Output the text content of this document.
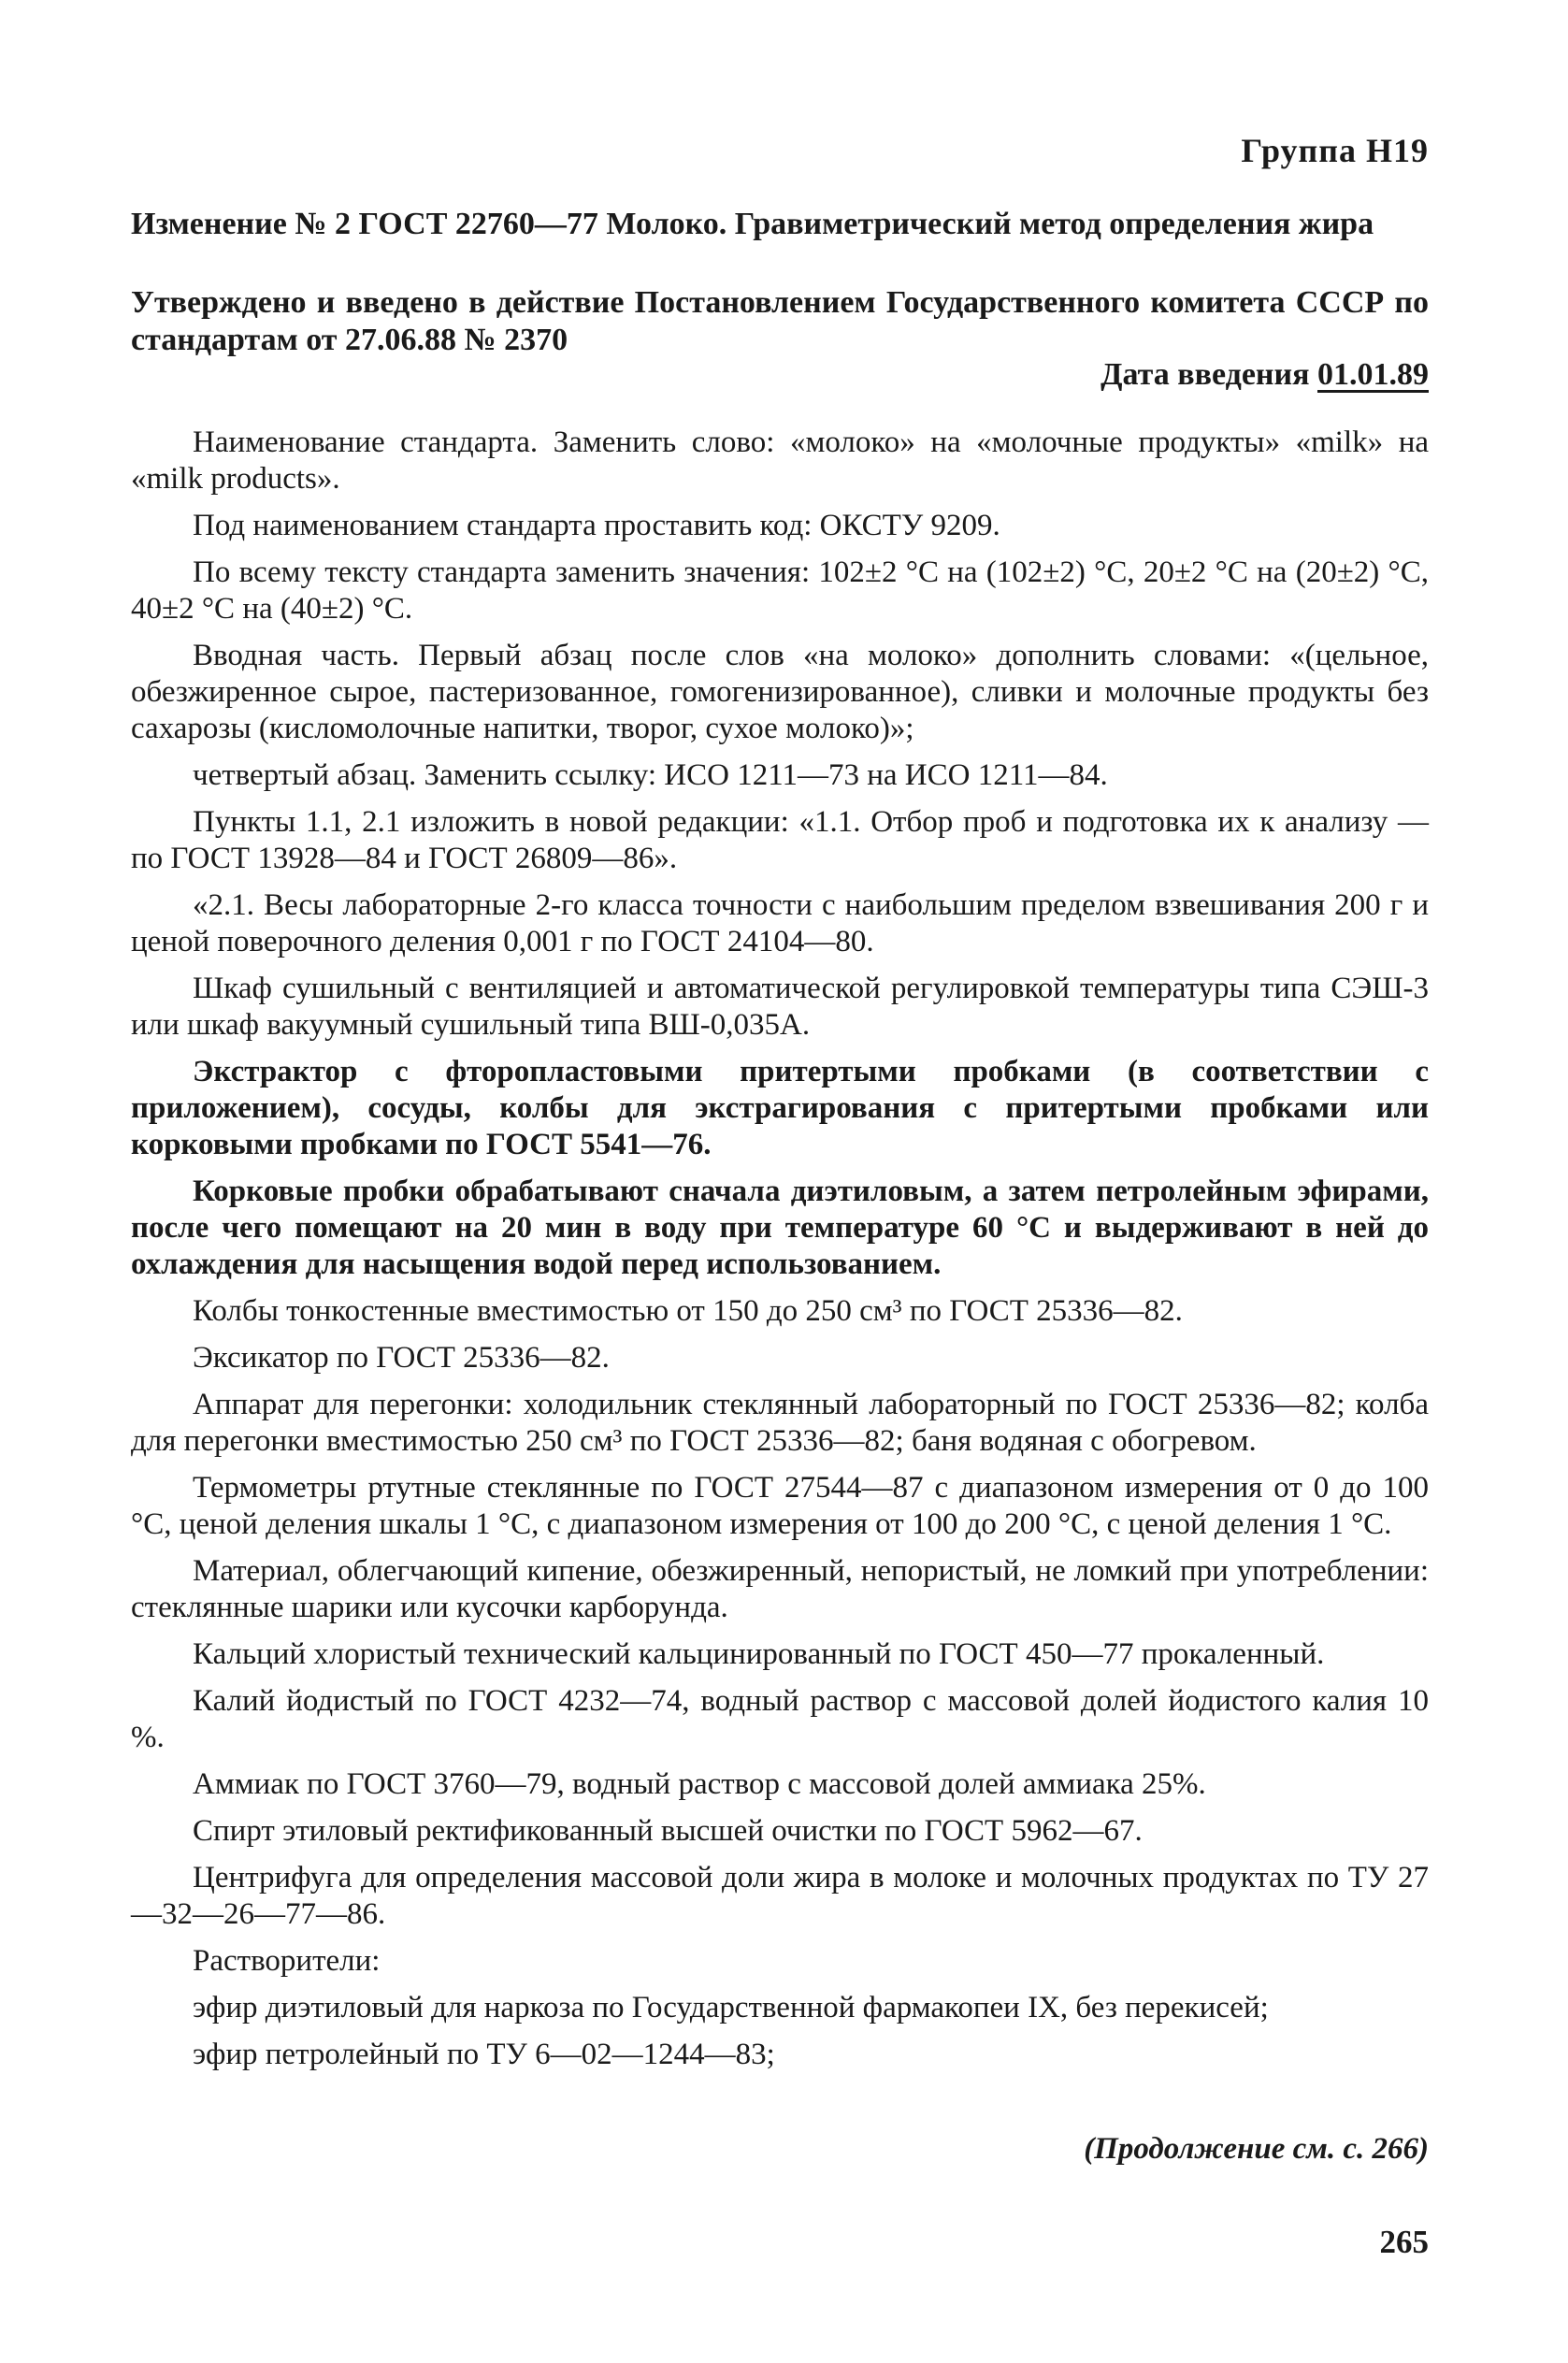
Группа Н19
Изменение № 2 ГОСТ 22760—77 Молоко. Гравиметрический метод определения жира
Утверждено и введено в действие Постановлением Государственного комитета СССР по стандартам от 27.06.88 № 2370
Дата введения 01.01.89

Наименование стандарта. Заменить слово: «молоко» на «молочные продукты» «milk» на «milk products».

Под наименованием стандарта проставить код: ОКСТУ 9209.

По всему тексту стандарта заменить значения: 102±2 °С на (102±2) °С, 20±2 °С на (20±2) °С, 40±2 °С на (40±2) °С.

Вводная часть. Первый абзац после слов «на молоко» дополнить словами: «(цельное, обезжиренное сырое, пастеризованное, гомогенизированное), сливки и молочные продукты без сахарозы (кисломолочные напитки, творог, сухое молоко)»;

четвертый абзац. Заменить ссылку: ИСО 1211—73 на ИСО 1211—84.

Пункты 1.1, 2.1 изложить в новой редакции: «1.1. Отбор проб и подготовка их к анализу — по ГОСТ 13928—84 и ГОСТ 26809—86».

«2.1. Весы лабораторные 2-го класса точности с наибольшим пределом взвешивания 200 г и ценой поверочного деления 0,001 г по ГОСТ 24104—80.

Шкаф сушильный с вентиляцией и автоматической регулировкой температуры типа СЭШ-3 или шкаф вакуумный сушильный типа ВШ-0,035А.

Экстрактор с фторопластовыми притертыми пробками (в соответствии с приложением), сосуды, колбы для экстрагирования с притертыми пробками или корковыми пробками по ГОСТ 5541—76.

Корковые пробки обрабатывают сначала диэтиловым, а затем петролейным эфирами, после чего помещают на 20 мин в воду при температуре 60 °С и выдерживают в ней до охлаждения для насыщения водой перед использованием.

Колбы тонкостенные вместимостью от 150 до 250 см³ по ГОСТ 25336—82.

Эксикатор по ГОСТ 25336—82.

Аппарат для перегонки: холодильник стеклянный лабораторный по ГОСТ 25336—82; колба для перегонки вместимостью 250 см³ по ГОСТ 25336—82; баня водяная с обогревом.

Термометры ртутные стеклянные по ГОСТ 27544—87 с диапазоном измерения от 0 до 100 °С, ценой деления шкалы 1 °С, с диапазоном измерения от 100 до 200 °С, с ценой деления 1 °С.

Материал, облегчающий кипение, обезжиренный, непористый, не ломкий при употреблении: стеклянные шарики или кусочки карборунда.

Кальций хлористый технический кальцинированный по ГОСТ 450—77 прокаленный.

Калий йодистый по ГОСТ 4232—74, водный раствор с массовой долей йодистого калия 10 %.

Аммиак по ГОСТ 3760—79, водный раствор с массовой долей аммиака 25%.

Спирт этиловый ректификованный высшей очистки по ГОСТ 5962—67.

Центрифуга для определения массовой доли жира в молоке и молочных продуктах по ТУ 27—32—26—77—86.

Растворители:

эфир диэтиловый для наркоза по Государственной фармакопеи IX, без перекисей;

эфир петролейный по ТУ 6—02—1244—83;

(Продолжение см. с. 266)
265
